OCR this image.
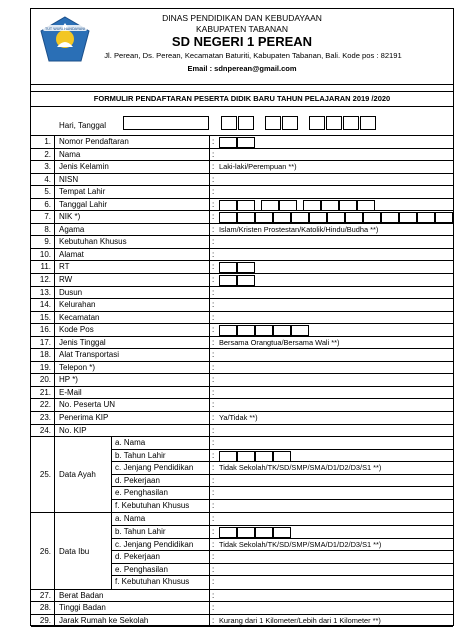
TUT WURI HANDAYANI
DINAS PENDIDIKAN DAN KEBUDAYAAN
KABUPATEN TABANAN
SD NEGERI 1 PEREAN
Jl. Perean, Ds. Perean, Kecamatan Baturiti, Kabupaten Tabanan, Bali. Kode pos : 82191
Email : sdnperean@gmail.com
FORMULIR PENDAFTARAN PESERTA DIDIK BARU TAHUN PELAJARAN 2019 /2020
Hari, Tanggal
1.	Nomor Pendaftaran	:
2.	Nama	:
3.	Jenis Kelamin	: Laki-laki/Perempuan **)
4.	NISN	:
5.	Tempat Lahir	:
6.	Tanggal Lahir	:
7.	NIK *)	:
8.	Agama	: Islam/Kristen Prostestan/Katolik/Hindu/Budha **)
9.	Kebutuhan Khusus	:
10.	Alamat	:
11.	RT	:
12.	RW	:
13.	Dusun	:
14.	Kelurahan	:
15.	Kecamatan	:
16.	Kode Pos	:
17.	Jenis Tinggal	: Bersama Orangtua/Bersama Wali **)
18.	Alat Transportasi	:
19.	Telepon *)	:
20.	HP *)	:
21.	E-Mail	:
22.	No. Peserta UN	:
23.	Penerima KIP	: Ya/Tidak **)
24.	No. KIP	:
25.	Data Ayah
a. Nama	:
b. Tahun Lahir	:
c. Jenjang Pendidikan : Tidak Sekolah/TK/SD/SMP/SMA/D1/D2/D3/S1 **)
d. Pekerjaan	:
e. Penghasilan	:
f. Kebutuhan Khusus	:
26.	Data Ibu
a. Nama	:
b. Tahun Lahir	:
c. Jenjang Pendidikan : Tidak Sekolah/TK/SD/SMP/SMA/D1/D2/D3/S1 **)
d. Pekerjaan	:
e. Penghasilan	:
f. Kebutuhan Khusus	:
27.	Berat Badan	:
28.	Tinggi Badan	:
29.	Jarak Rumah ke Sekolah	: Kurang dari 1 Kilometer/Lebih dari 1 Kilometer **)
